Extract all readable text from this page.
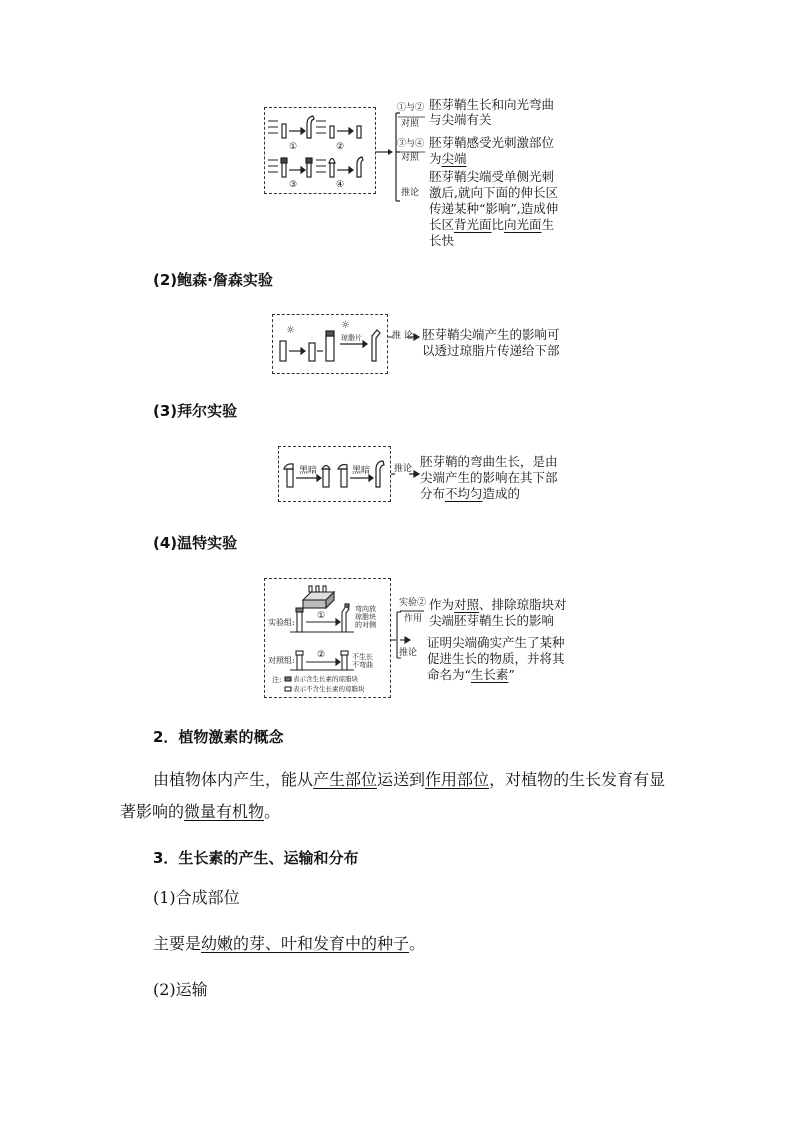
①	②
③	④
①与②
对照
胚芽鞘生长和向光弯曲
与尖端有关
③与④
对照
胚芽鞘感受光刺激部位
为尖端
推论
胚芽鞘尖端受单侧光刺
激后,就向下面的伸长区
传递某种“影响”,造成伸
长区背光面比向光面生
长快
(2)鲍森·詹森实验
☼	☼
琼脂片	推 论 胚芽鞘尖端产生的影响可
以透过琼脂片传递给下部
(3)拜尔实验
黑暗	黑暗	推论 胚芽鞘的弯曲生长，是由
尖端产生的影响在其下部
分布不均匀造成的
(4)温特实验
实验组:
对照组:
①
②
弯向放
琼脂块
的对侧
不生长
不弯曲
注: 表示含生长素的琼脂块
表示不含生长素的琼脂块
实验②
作用
作为对照、排除琼脂块对
尖端胚芽鞘生长的影响
推论
证明尖端确实产生了某种
促进生长的物质，并将其
命名为“生长素”
2．植物激素的概念
由植物体内产生，能从产生部位运送到作用部位，对植物的生长发育有显
著影响的微量有机物。
3．生长素的产生、运输和分布
(1)合成部位
主要是幼嫩的芽、叶和发育中的种子。
(2)运输
